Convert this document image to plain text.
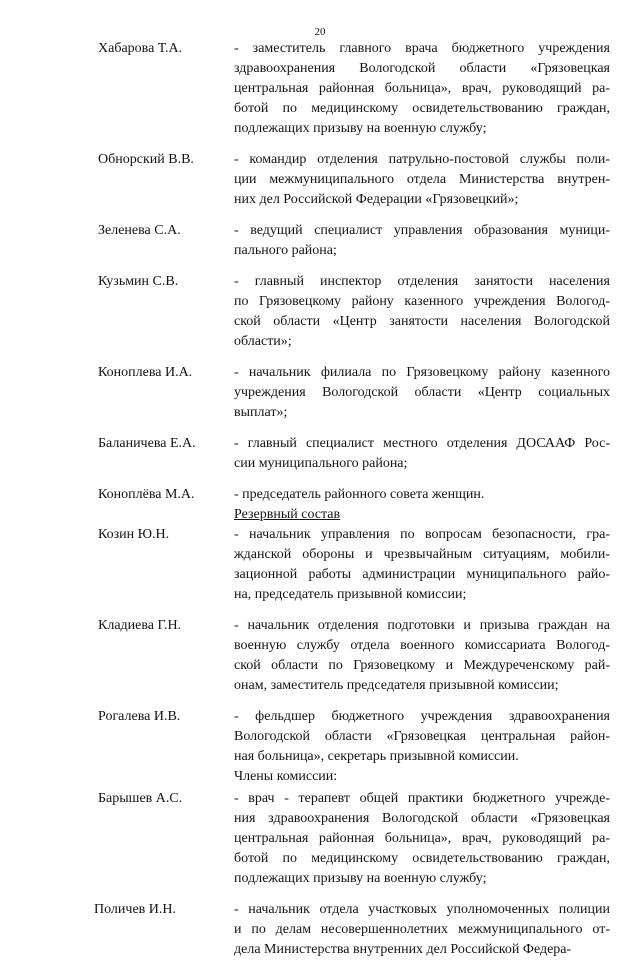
20
Хабарова Т.А.	- заместитель главного врача бюджетного учреждения
здравоохранения Вологодской области «Грязовецкая
центральная районная больница», врач, руководящий ра-
ботой по медицинскому освидетельствованию граждан,
подлежащих призыву на военную службу;
Обнорский В.В.	- командир отделения патрульно-постовой службы поли-
ции межмуниципального отдела Министерства внутрен-
них дел Российской Федерации «Грязовецкий»;
Зеленева С.А.	- ведущий специалист управления образования муници-
пального района;
Кузьмин С.В.	- главный инспектор отделения занятости населения
по Грязовецкому району казенного учреждения Вологод-
ской области «Центр занятости населения Вологодской
области»;
Коноплева И.А.	- начальник филиала по Грязовецкому району казенного
учреждения Вологодской области «Центр социальных
выплат»;
Баланичева Е.А.	- главный специалист местного отделения ДОСААФ Рос-
сии муниципального района;
Коноплёва М.А.	- председатель районного совета женщин.
Резервный состав
Козин Ю.Н.	- начальник управления по вопросам безопасности, гра-
жданской обороны и чрезвычайным ситуациям, мобили-
зационной работы администрации муниципального райо-
на, председатель призывной комиссии;
Кладиева Г.Н.	- начальник отделения подготовки и призыва граждан на
военную службу отдела военного комиссариата Вологод-
ской области по Грязовецкому и Междуреченскому рай-
онам, заместитель председателя призывной комиссии;
Рогалева И.В.	- фельдшер бюджетного учреждения здравоохранения
Вологодской области «Грязовецкая центральная район-
ная больница», секретарь призывной комиссии.
Члены комиссии:
Барышев А.С.	- врач - терапевт общей практики бюджетного учрежде-
ния здравоохранения Вологодской области «Грязовецкая
центральная районная больница», врач, руководящий ра-
ботой по медицинскому освидетельствованию граждан,
подлежащих призыву на военную службу;
Поличев И.Н.	- начальник отдела участковых уполномоченных полиции
и по делам несовершеннолетних межмуниципального от-
дела Министерства внутренних дел Российской Федера-
